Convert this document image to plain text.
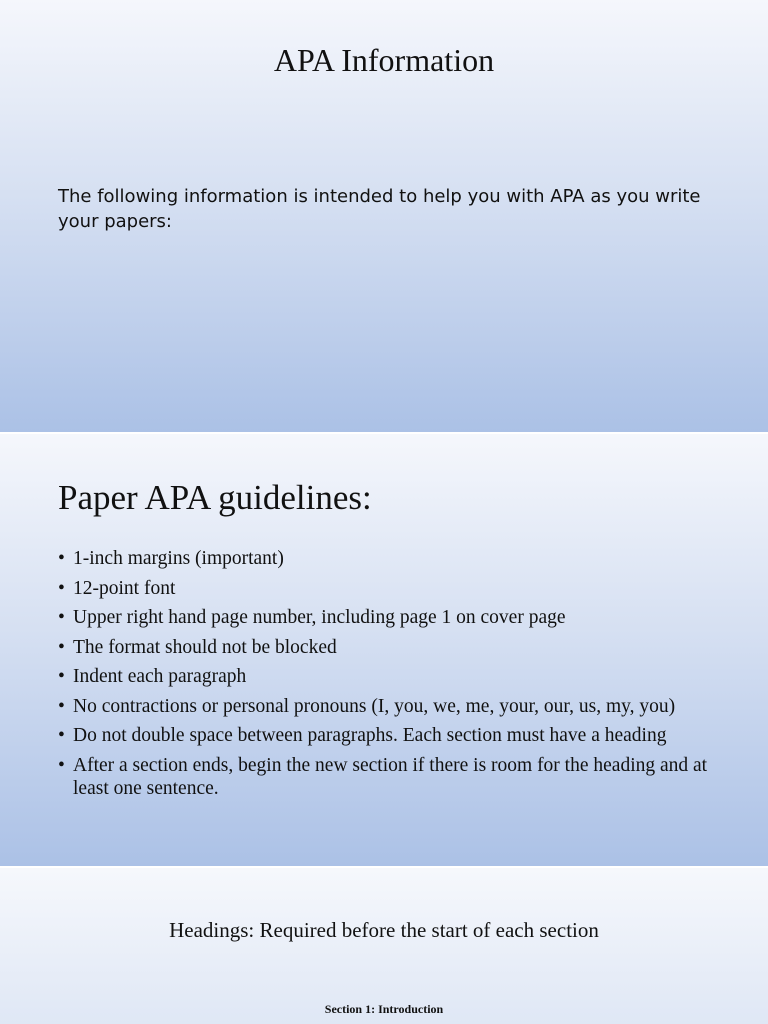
APA Information
The following information is intended to help you with APA as you write your papers:
Paper APA guidelines:
• 1-inch margins (important)
• 12-point font
• Upper right hand page number, including page 1 on cover page
• The format should not be blocked
• Indent each paragraph
• No contractions or personal pronouns (I, you, we, me, your, our, us, my, you)
• Do not double space between paragraphs. Each section must have a heading
• After a section ends, begin the new section if there is room for the heading and at least one sentence.
Headings: Required before the start of each section
Section 1: Introduction
